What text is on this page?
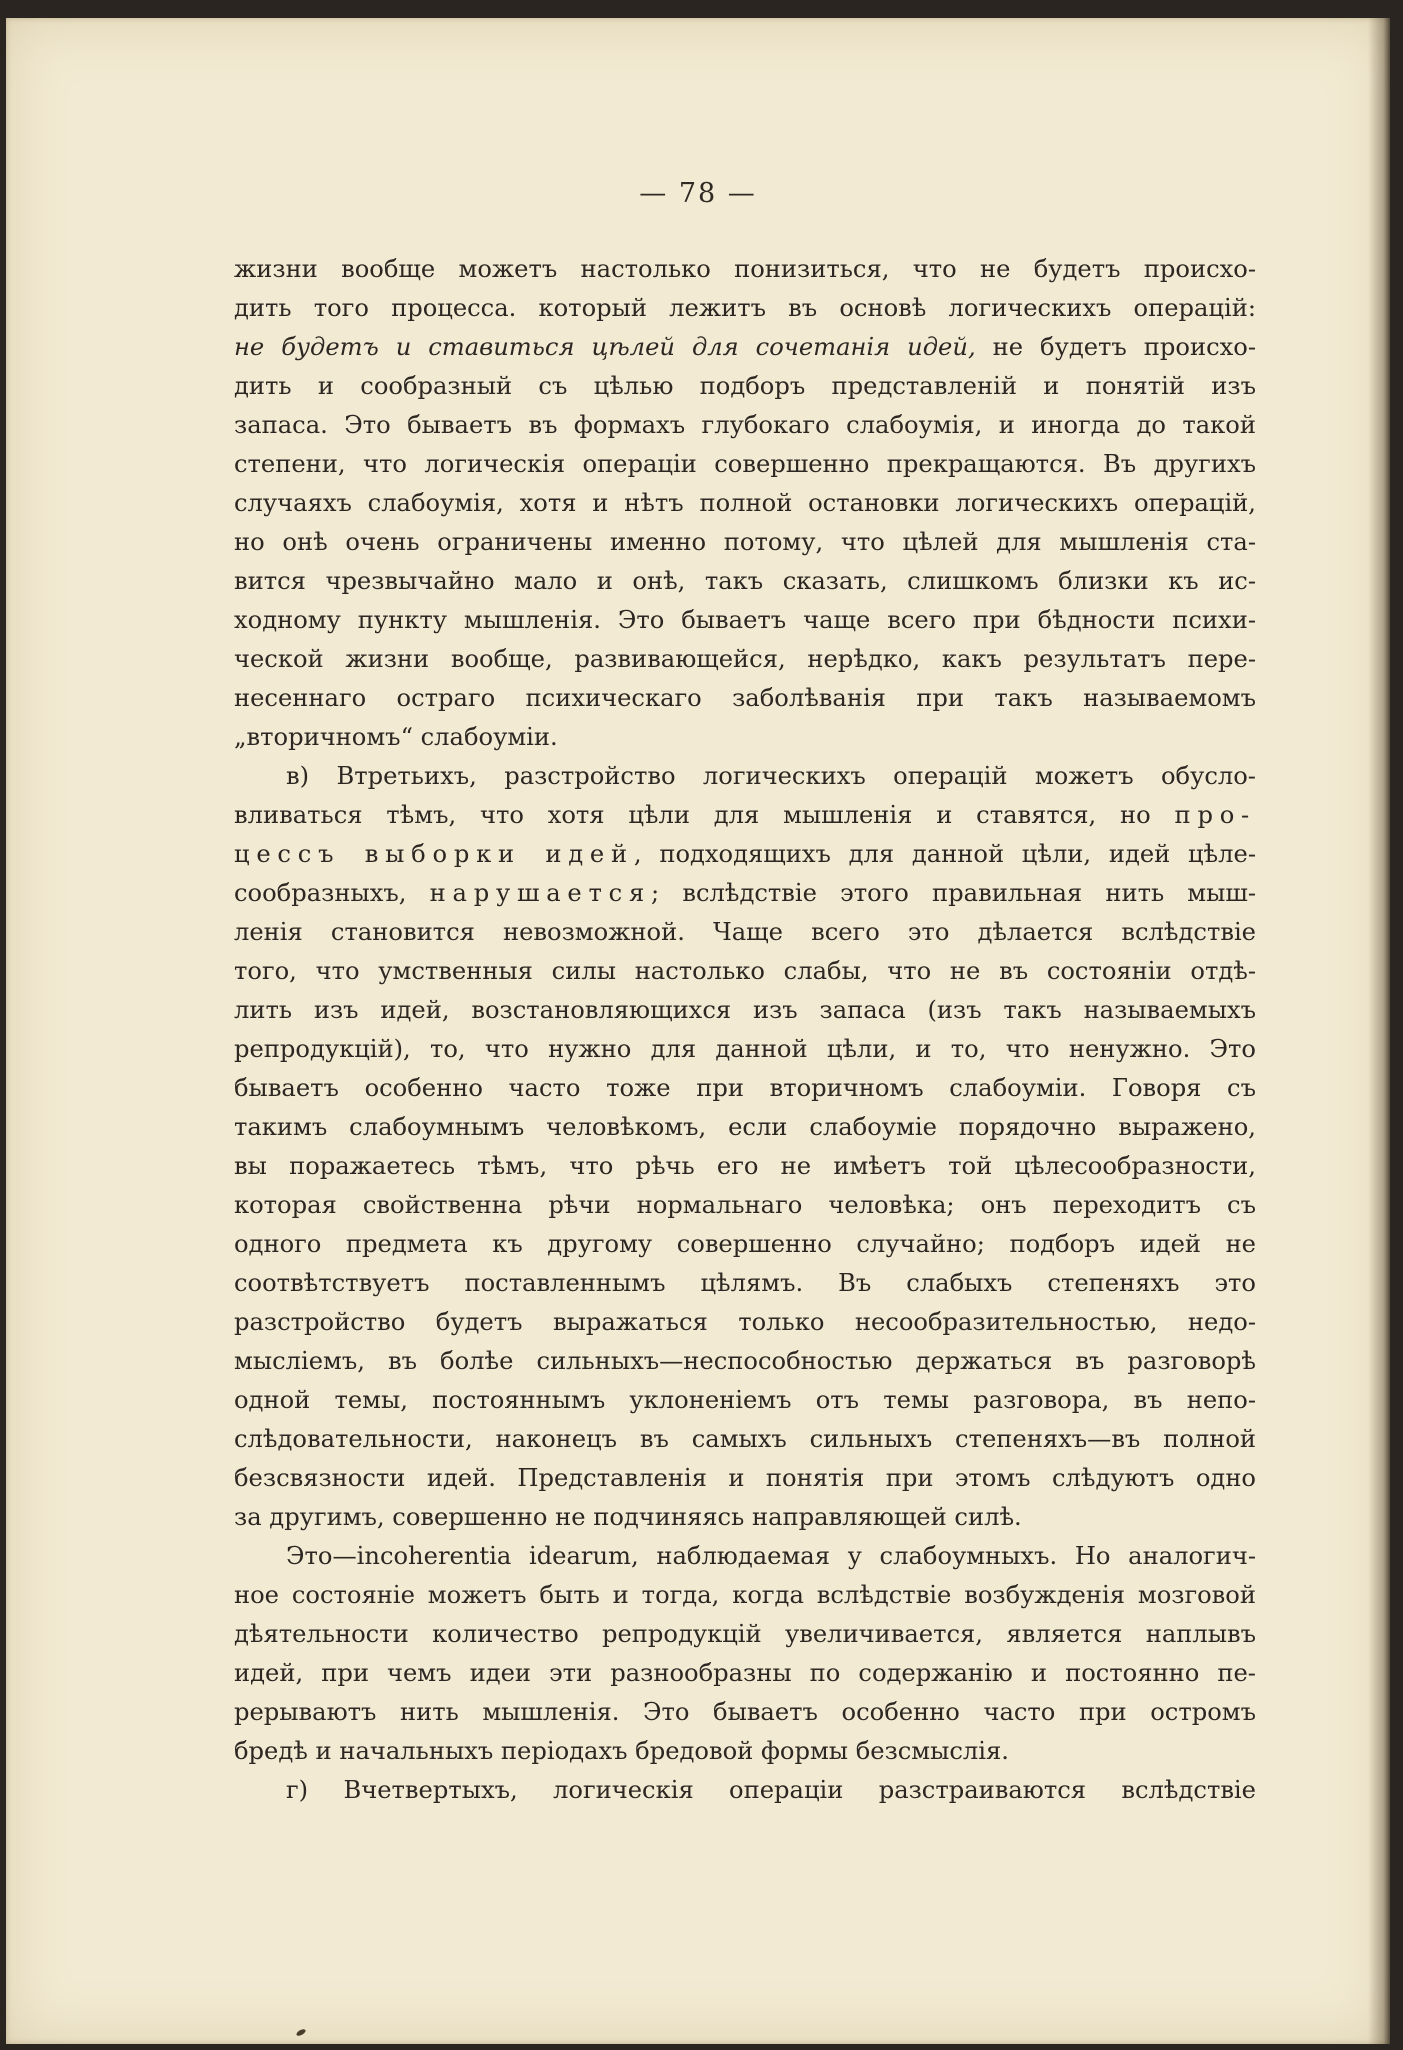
— 78 —
жизни вообще можетъ настолько понизиться, что не будетъ происхо-
дить того процесса. который лежитъ въ основѣ логическихъ операцій:
не будетъ и ставиться цѣлей для сочетанія идей, не будетъ происхо-
дить и сообразный съ цѣлью подборъ представленій и понятій изъ
запаса. Это бываетъ въ формахъ глубокаго слабоумія, и иногда до такой
степени, что логическія операціи совершенно прекращаются. Въ другихъ
случаяхъ слабоумія, хотя и нѣтъ полной остановки логическихъ операцій,
но онѣ очень ограничены именно потому, что цѣлей для мышленія ста-
вится чрезвычайно мало и онѣ, такъ сказать, слишкомъ близки къ ис-
ходному пункту мышленія. Это бываетъ чаще всего при бѣдности психи-
ческой жизни вообще, развивающейся, нерѣдко, какъ результатъ пере-
несеннаго остраго психическаго заболѣванія при такъ называемомъ
„вторичномъ“ слабоуміи.
в) Втретьихъ, разстройство логическихъ операцій можетъ обусло-
вливаться тѣмъ, что хотя цѣли для мышленія и ставятся, но про-
цессъ выборки идей, подходящихъ для данной цѣли, идей цѣле-
сообразныхъ, нарушается; вслѣдствіе этого правильная нить мыш-
ленія становится невозможной. Чаще всего это дѣлается вслѣдствіе
того, что умственныя силы настолько слабы, что не въ состояніи отдѣ-
лить изъ идей, возстановляющихся изъ запаса (изъ такъ называемыхъ
репродукцій), то, что нужно для данной цѣли, и то, что ненужно. Это
бываетъ особенно часто тоже при вторичномъ слабоуміи. Говоря съ
такимъ слабоумнымъ человѣкомъ, если слабоуміе порядочно выражено,
вы поражаетесь тѣмъ, что рѣчь его не имѣетъ той цѣлесообразности,
которая свойственна рѣчи нормальнаго человѣка; онъ переходитъ съ
одного предмета къ другому совершенно случайно; подборъ идей не
соотвѣтствуетъ поставленнымъ цѣлямъ. Въ слабыхъ степеняхъ это
разстройство будетъ выражаться только несообразительностью, недо-
мысліемъ, въ болѣе сильныхъ—неспособностью держаться въ разговорѣ
одной темы, постояннымъ уклоненіемъ отъ темы разговора, въ непо-
слѣдовательности, наконецъ въ самыхъ сильныхъ степеняхъ—въ полной
безсвязности идей. Представленія и понятія при этомъ слѣдуютъ одно
за другимъ, совершенно не подчиняясь направляющей силѣ.
Это—incoherentia idearum, наблюдаемая у слабоумныхъ. Но аналогич-
ное состояніе можетъ быть и тогда, когда вслѣдствіе возбужденія мозговой
дѣятельности количество репродукцій увеличивается, является наплывъ
идей, при чемъ идеи эти разнообразны по содержанію и постоянно пе-
рерываютъ нить мышленія. Это бываетъ особенно часто при остромъ
бредѣ и начальныхъ періодахъ бредовой формы безсмыслія.
г) Вчетвертыхъ, логическія операціи разстраиваются вслѣдствіе
